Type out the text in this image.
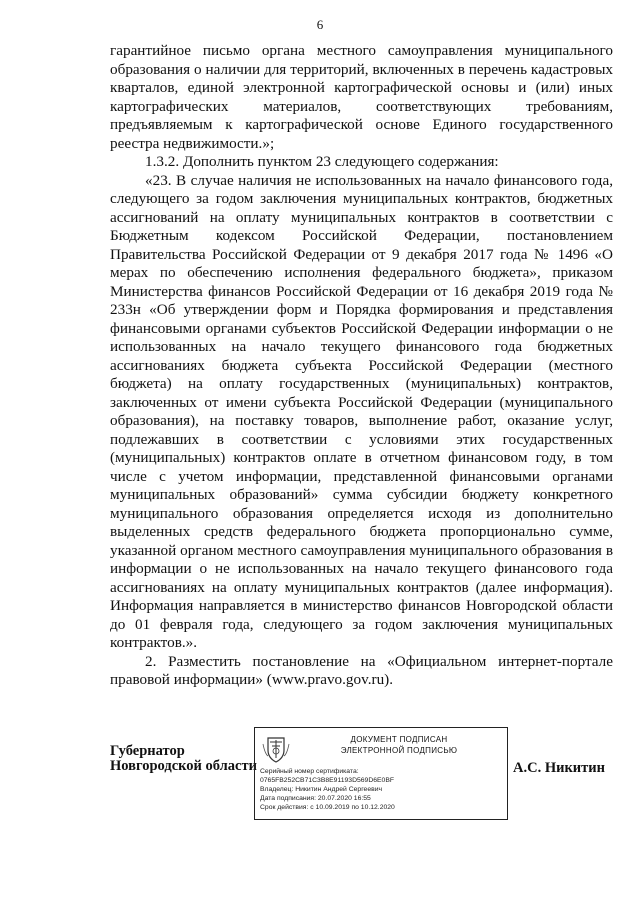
6

гарантийное письмо органа местного самоуправления муниципального образования о наличии для территорий, включенных в перечень кадастровых кварталов, единой электронной картографической основы и (или) иных картографических материалов, соответствующих требованиям, предъявляемым к картографической основе Единого государственного реестра недвижимости.»;

1.3.2. Дополнить пунктом 23 следующего содержания:

«23. В случае наличия не использованных на начало финансового года, следующего за годом заключения муниципальных контрактов, бюджетных ассигнований на оплату муниципальных контрактов в соответствии с Бюджетным кодексом Российской Федерации, постановлением Правительства Российской Федерации от 9 декабря 2017 года № 1496 «О мерах по обеспечению исполнения федерального бюджета», приказом Министерства финансов Российской Федерации от 16 декабря 2019 года № 233н «Об утверждении форм и Порядка формирования и представления финансовыми органами субъектов Российской Федерации информации о не использованных на начало текущего финансового года бюджетных ассигнованиях бюджета субъекта Российской Федерации (местного бюджета) на оплату государственных (муниципальных) контрактов, заключенных от имени субъекта Российской Федерации (муниципального образования), на поставку товаров, выполнение работ, оказание услуг, подлежавших в соответствии с условиями этих государственных (муниципальных) контрактов оплате в отчетном финансовом году, в том числе с учетом информации, представленной финансовыми органами муниципальных образований» сумма субсидии бюджету конкретного муниципального образования определяется исходя из дополнительно выделенных средств федерального бюджета пропорционально сумме, указанной органом местного самоуправления муниципального образования в информации о не использованных на начало текущего финансового года ассигнованиях на оплату муниципальных контрактов (далее информация). Информация направляется в министерство финансов Новгородской области до 01 февраля года, следующего за годом заключения муниципальных контрактов.».

2. Разместить постановление на «Официальном интернет-портале правовой информации» (www.pravo.gov.ru).

Губернатор
Новгородской области
ДОКУМЕНТ ПОДПИСАН
ЭЛЕКТРОННОЙ ПОДПИСЬЮ
Серийный номер сертификата:
0765FB252CB71C3B8E91193D569D6E0BF
Владелец: Никитин Андрей Сергеевич
Дата подписания: 20.07.2020 16:55
Срок действия: с 10.09.2019 по 10.12.2020
А.С. Никитин
